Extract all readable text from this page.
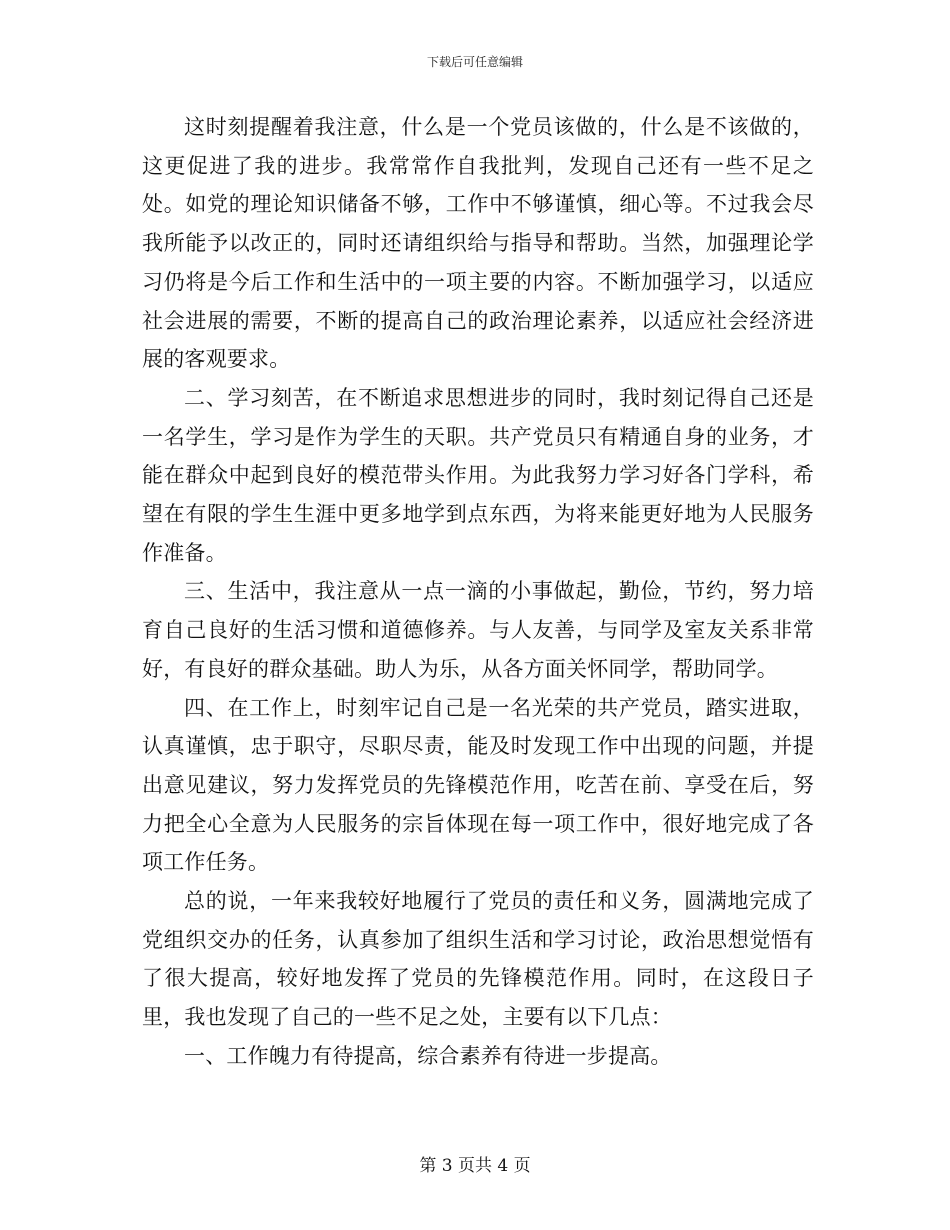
下载后可任意编辑

这时刻提醒着我注意，什么是一个党员该做的，什么是不该做的，这更促进了我的进步。我常常作自我批判，发现自己还有一些不足之处。如党的理论知识储备不够，工作中不够谨慎，细心等。不过我会尽我所能予以改正的，同时还请组织给与指导和帮助。当然，加强理论学习仍将是今后工作和生活中的一项主要的内容。不断加强学习，以适应社会进展的需要，不断的提高自己的政治理论素养，以适应社会经济进展的客观要求。

二、学习刻苦，在不断追求思想进步的同时，我时刻记得自己还是一名学生，学习是作为学生的天职。共产党员只有精通自身的业务，才能在群众中起到良好的模范带头作用。为此我努力学习好各门学科，希望在有限的学生生涯中更多地学到点东西，为将来能更好地为人民服务作准备。

三、生活中，我注意从一点一滴的小事做起，勤俭，节约，努力培育自己良好的生活习惯和道德修养。与人友善，与同学及室友关系非常好，有良好的群众基础。助人为乐，从各方面关怀同学，帮助同学。

四、在工作上，时刻牢记自己是一名光荣的共产党员，踏实进取，认真谨慎，忠于职守，尽职尽责，能及时发现工作中出现的问题，并提出意见建议，努力发挥党员的先锋模范作用，吃苦在前、享受在后，努力把全心全意为人民服务的宗旨体现在每一项工作中，很好地完成了各项工作任务。

总的说，一年来我较好地履行了党员的责任和义务，圆满地完成了党组织交办的任务，认真参加了组织生活和学习讨论，政治思想觉悟有了很大提高，较好地发挥了党员的先锋模范作用。同时，在这段日子里，我也发现了自己的一些不足之处，主要有以下几点：

一、工作魄力有待提高，综合素养有待进一步提高。

第 3 页共 4 页
